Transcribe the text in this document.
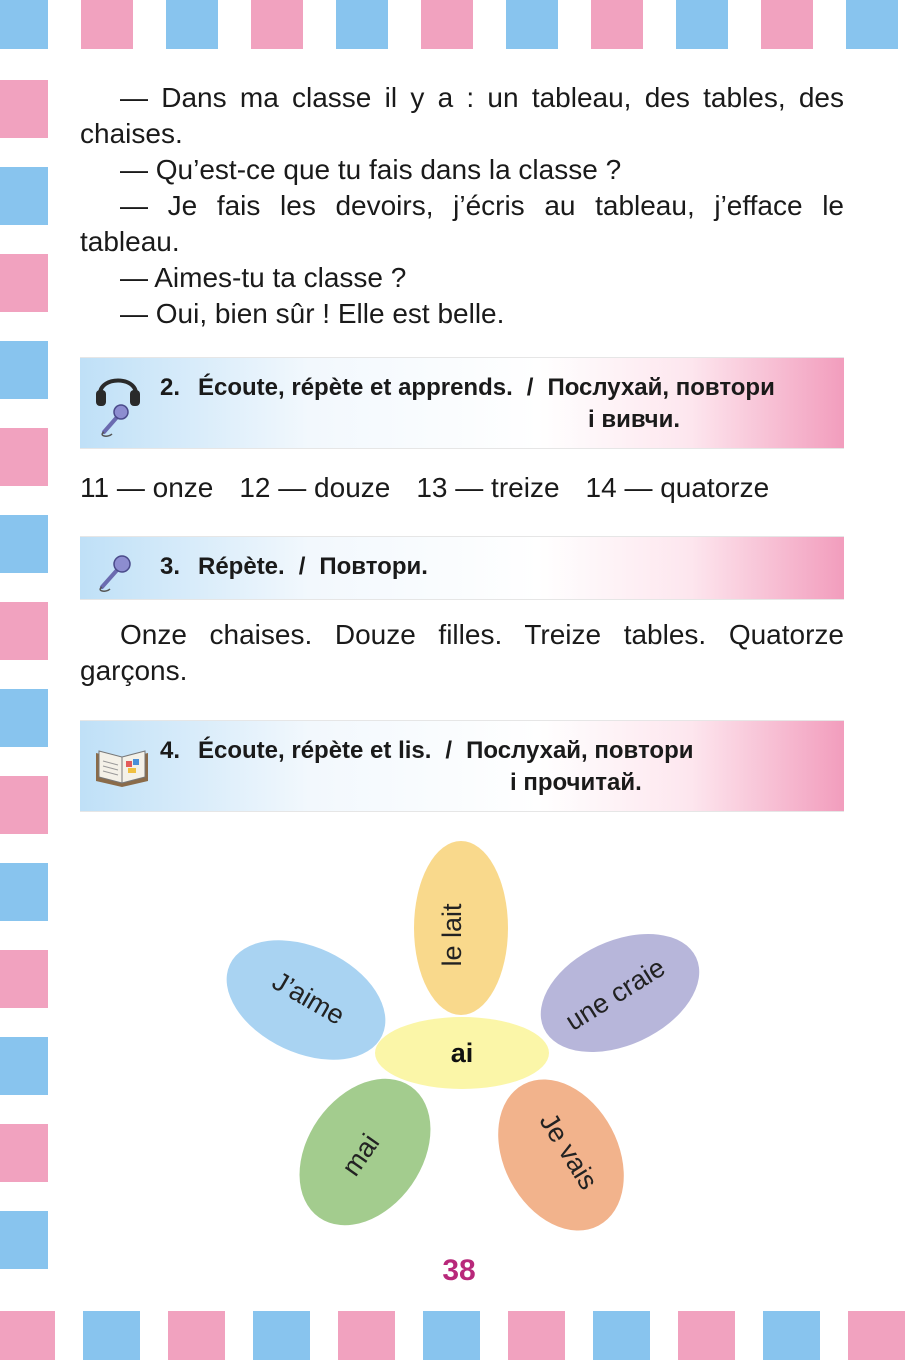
— Dans ma classe il y a : un tableau, des tables, des chaises.

— Qu’est-ce que tu fais dans la classe ?

— Je fais les devoirs, j’écris au tableau, j’efface le tableau.

— Aimes-tu ta classe ?

— Oui, bien sûr ! Elle est belle.

2. Écoute, répète et apprends. / Послухай, повтори
і вивчи.
11 — onze 12 — douze 13 — treize 14 — quatorze
3. Répète. / Повтори.

Onze chaises. Douze filles. Treize tables. Quatorze garçons.

4. Écoute, répète et lis. / Послухай, повтори
і прочитай.
le lait
une craie
Je vais
mai
J’aime
ai
38
